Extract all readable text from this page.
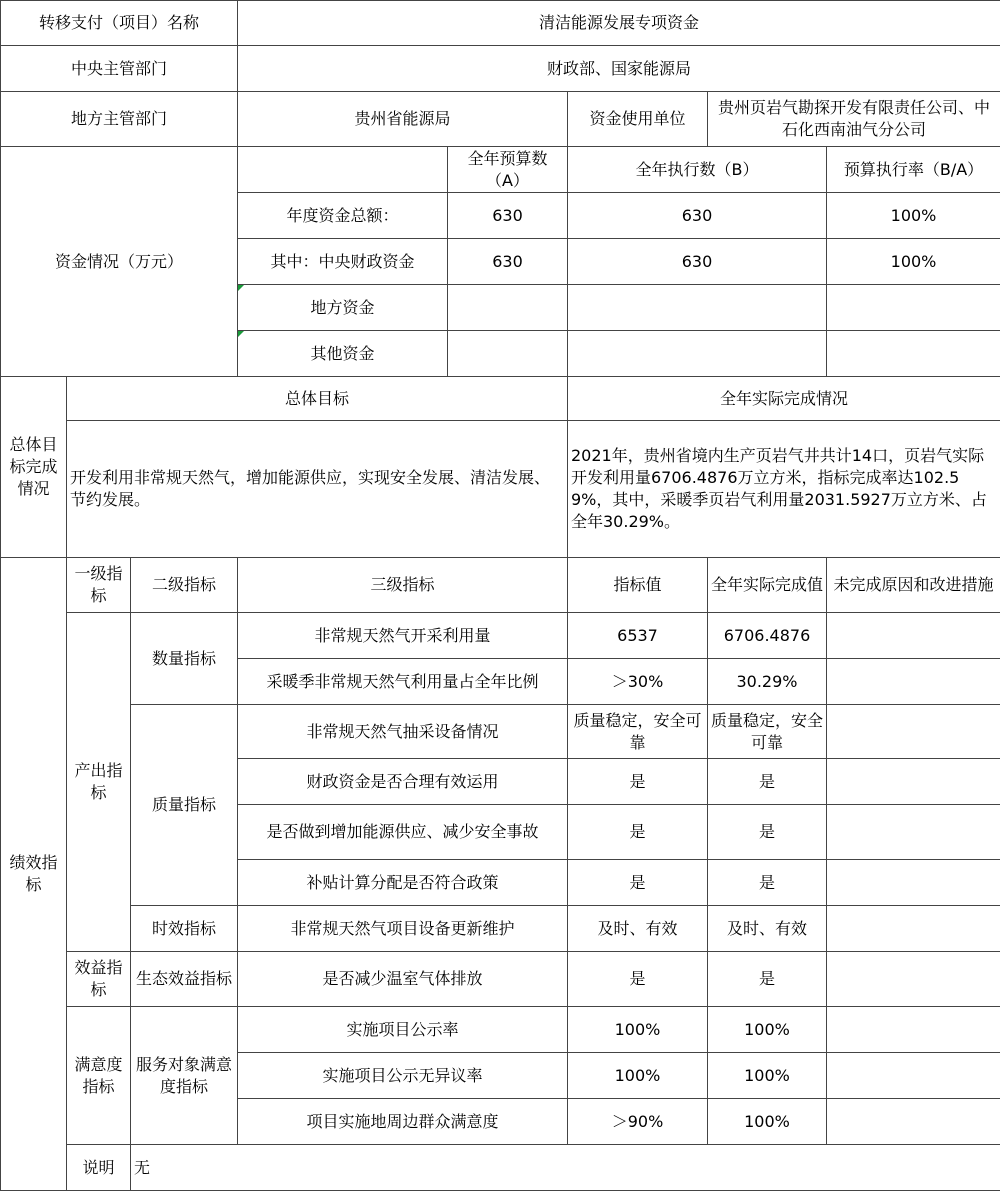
转移支付（项目）名称			清洁能源发展专项资金				
中央主管部门			财政部、国家能源局				
地方主管部门			贵州省能源局		资金使用单位	贵州页岩气勘探开发有限责任公司、中石化西南油气分公司	
资金情况（万元）				全年预算数（A）	全年执行数（B）		预算执行率（B/A）
			年度资金总额：	630	630		100%
			其中：中央财政资金	630	630		100%
			地方资金				
			其他资金				
总体目标完成情况	总体目标				全年实际完成情况		
	开发利用非常规天然气，增加能源供应，实现安全发展、清洁发展、节约发展。				2021年，贵州省境内生产页岩气井共计14口，页岩气实际开发利用量6706.4876万立方米，指标完成率达102.59%，其中，采暖季页岩气利用量2031.5927万立方米、占全年30.29%。		
绩效指标	一级指标	二级指标	三级指标		指标值	全年实际完成值	未完成原因和改进措施
	产出指标	数量指标	非常规天然气开采利用量		6537	6706.4876	
			采暖季非常规天然气利用量占全年比例		＞30%	30.29%	
		质量指标	非常规天然气抽采设备情况		质量稳定，安全可靠	质量稳定，安全可靠	
			财政资金是否合理有效运用		是	是	
			是否做到增加能源供应、减少安全事故		是	是	
			补贴计算分配是否符合政策		是	是	
		时效指标	非常规天然气项目设备更新维护		及时、有效	及时、有效	
	效益指标	生态效益指标	是否减少温室气体排放		是	是	
	满意度指标	服务对象满意度指标	实施项目公示率		100%	100%	
			实施项目公示无异议率		100%	100%	
			项目实施地周边群众满意度		＞90%	100%	
	说明	无					
